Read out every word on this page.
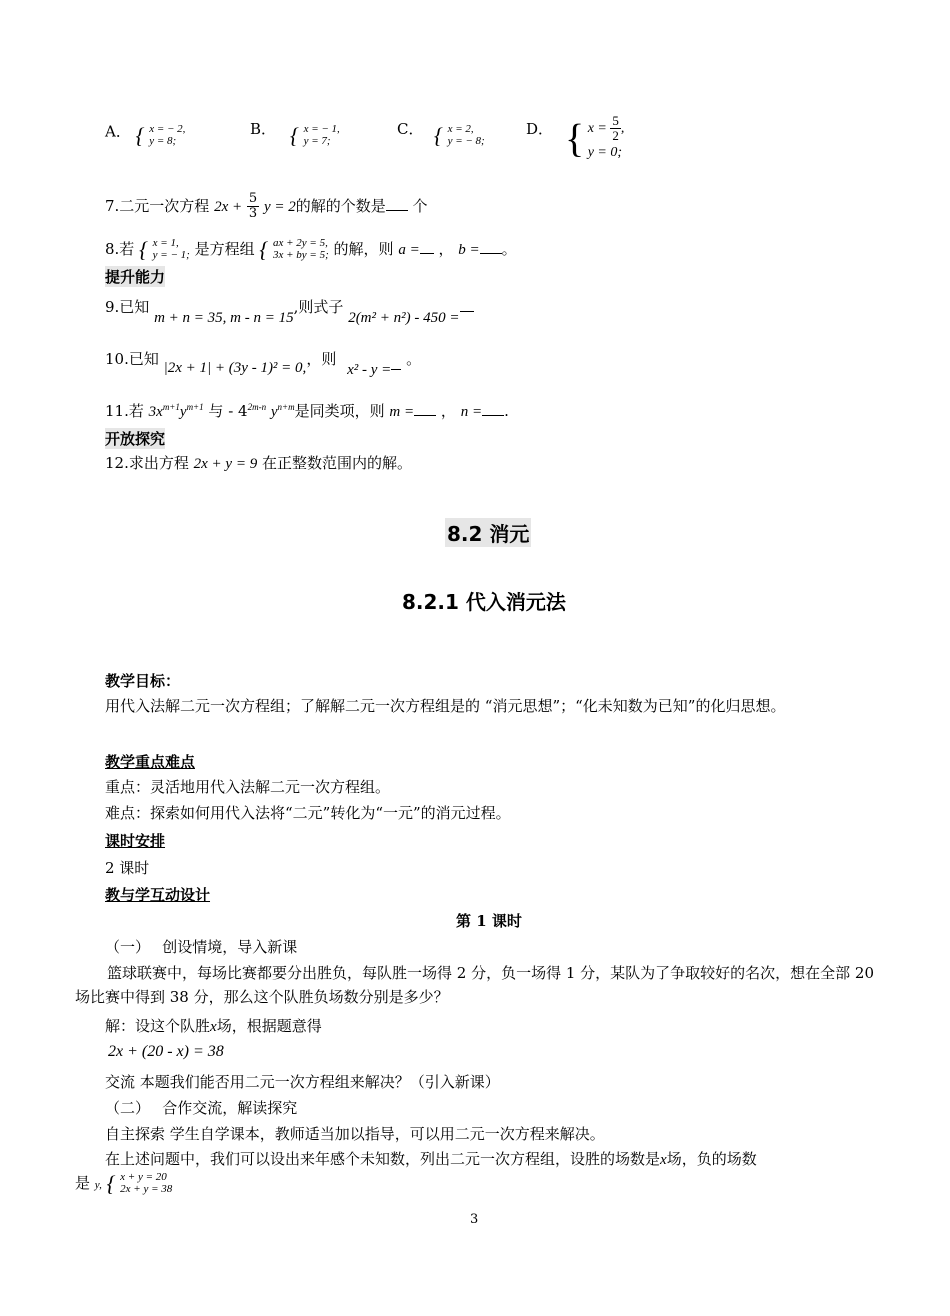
A． { x = − 2,
y = 8;
B． { x = − 1,
y = 7;
C． { x = 2,
y = − 8;
D． { $x = \frac{5}{2}$ ,
y = 0;
7.二元一次方程 $2x + \frac{5}{3}$ y = 2的解的个数是 个
8.若 { x = 1,
y = − 1; 是方程组 { ax + 2y = 5,
3x + by = 5; 的解，则 a = ， b = 。
提升能力
9.已知 m + n = 35, m - n = 15,则式子 2(m² + n²) - 450 =
10.已知 |2x + 1| + (3y - 1)² = 0,，则 x² - y = 。
11.若 $3x^{m+1}y^{m+1}$ 与 - $4^{2m-n}$ $y^{n+m}$是同类项，则 m = ， n = .
开放探究
12.求出方程 2x + y = 9 在正整数范围内的解。
8.2 消元
8.2.1 代入消元法
教学目标：
用代入法解二元一次方程组；了解解二元一次方程组是的 “消元思想”；“化未知数为已知”的化归思想。
教学重点难点
重点：灵活地用代入法解二元一次方程组。
难点：探索如何用代入法将“二元”转化为“一元”的消元过程。
课时安排
2 课时
教与学互动设计
第 1 课时
（一）　 创设情境，导入新课
篮球联赛中，每场比赛都要分出胜负，每队胜一场得 2 分，负一场得 1 分，某队为了争取较好的名次，想在全部 20 场比赛中得到 38 分，那么这个队胜负场数分别是多少？
解：设这个队胜x场，根据题意得
2x + (20 - x) = 38
交流 本题我们能否用二元一次方程组来解决？（引入新课）
（二）　 合作交流，解读探究
自主探索 学生自学课本，教师适当加以指导，可以用二元一次方程来解决。
在上述问题中，我们可以设出来年感个未知数，列出二元一次方程组，设胜的场数是x场，负的场数
是 y, { x + y = 20
2x + y = 38
3
